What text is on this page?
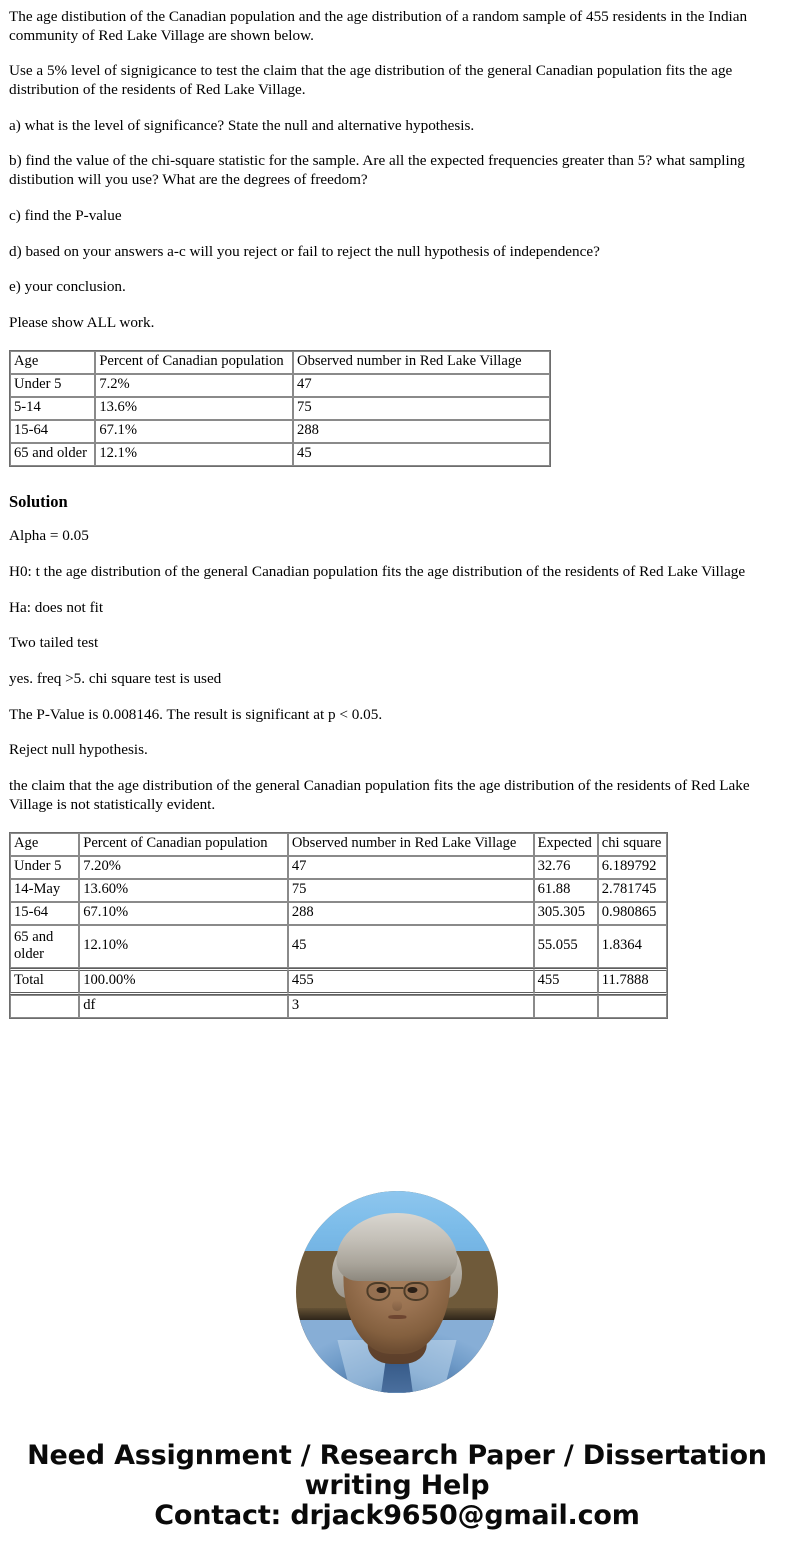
The age distibution of the Canadian population and the age distribution of a random sample of 455 residents in the Indian community of Red Lake Village are shown below.

Use a 5% level of signigicance to test the claim that the age distribution of the general Canadian population fits the age distribution of the residents of Red Lake Village.

a) what is the level of significance? State the null and alternative hypothesis.

b) find the value of the chi-square statistic for the sample. Are all the expected frequencies greater than 5? what sampling distibution will you use? What are the degrees of freedom?

c) find the P-value

d) based on your answers a-c will you reject or fail to reject the null hypothesis of independence?

e) your conclusion.

Please show ALL work.

Age	Percent of Canadian population	Observed number in Red Lake Village
Under 5	7.2%	47
5-14	13.6%	75
15-64	67.1%	288
65 and older	12.1%	45
Solution

Alpha = 0.05

H0: t the age distribution of the general Canadian population fits the age distribution of the residents of Red Lake Village

Ha: does not fit

Two tailed test

yes. freq >5. chi square test is used

The P-Value is 0.008146. The result is significant at p < 0.05.

Reject null hypothesis.

the claim that the age distribution of the general Canadian population fits the age distribution of the residents of Red Lake Village is not statistically evident.

Age	Percent of Canadian population	Observed number in Red Lake Village	Expected	chi square
Under 5	7.20%	47	32.76	6.189792
14-May	13.60%	75	61.88	2.781745
15-64	67.10%	288	305.305	0.980865
65 and older	12.10%	45	55.055	1.8364
Total	100.00%	455	455	11.7888
	df	3		
Need Assignment / Research Paper / Dissertation
writing Help
Contact: drjack9650@gmail.com
